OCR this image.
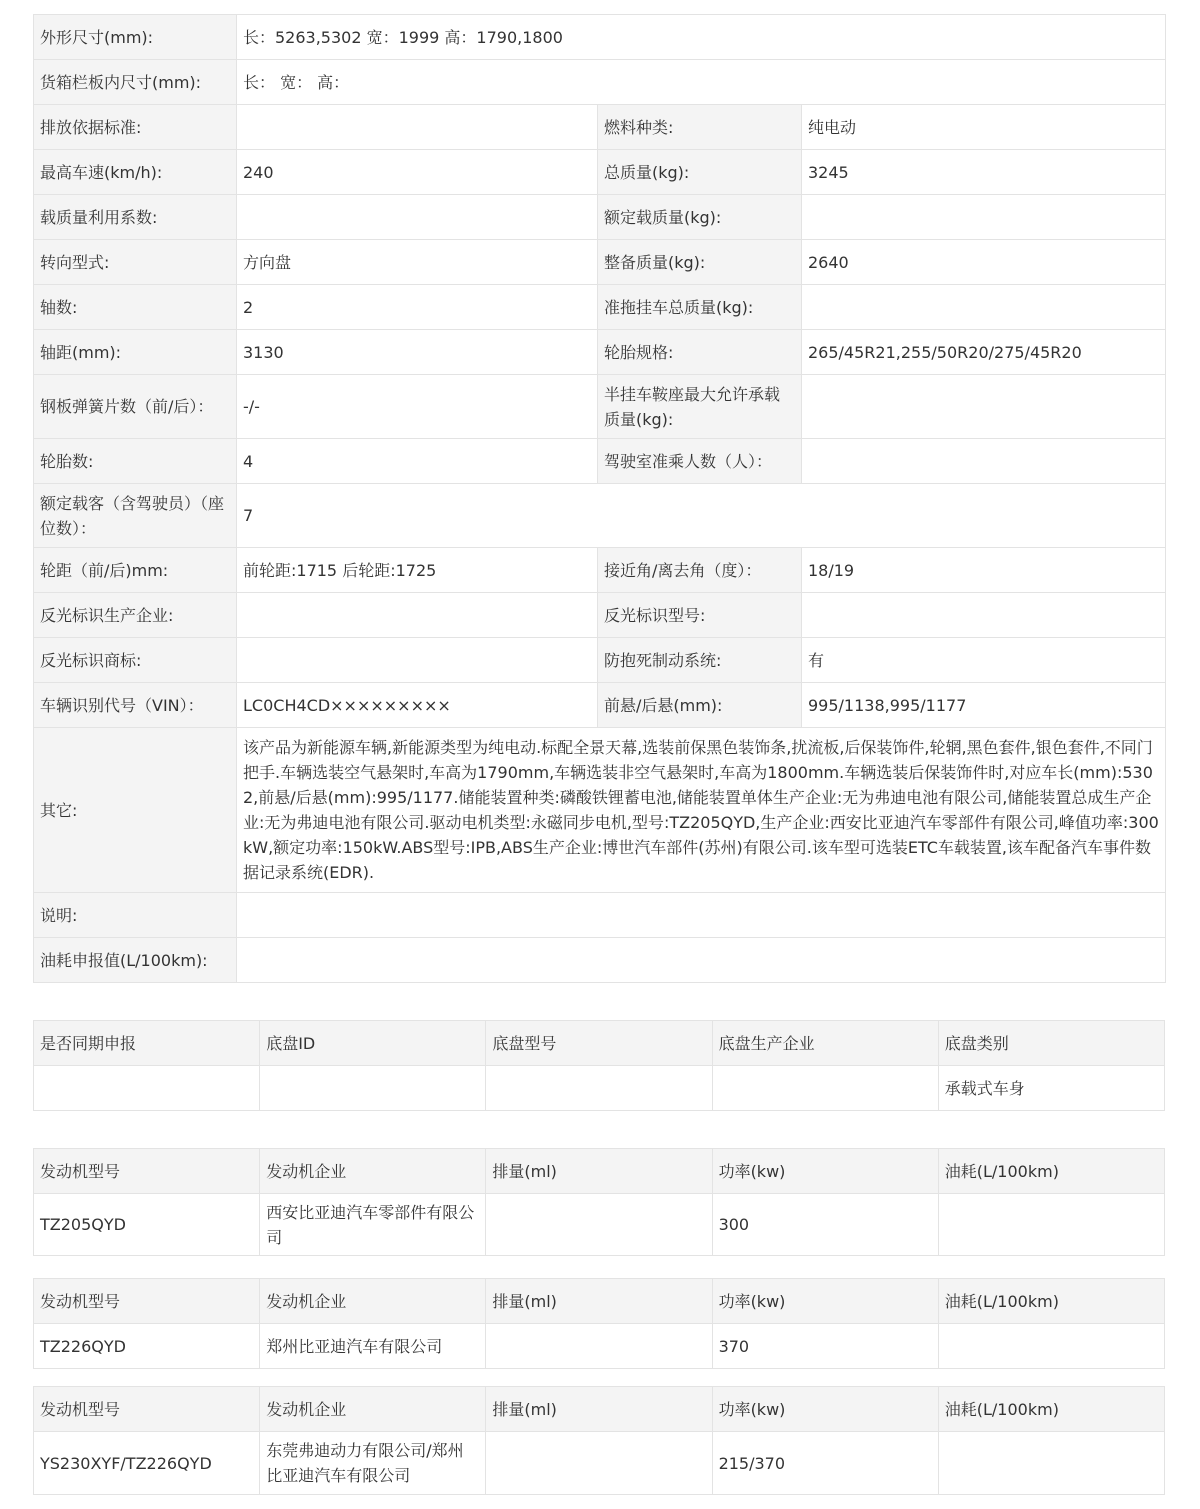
外形尺寸(mm):	长：5263,5302 宽：1999 高：1790,1800		
货箱栏板内尺寸(mm):	长： 宽： 高：		
排放依据标准:		燃料种类:	纯电动
最高车速(km/h):	240	总质量(kg):	3245
载质量利用系数:		额定载质量(kg):	
转向型式:	方向盘	整备质量(kg):	2640
轴数:	2	准拖挂车总质量(kg):	
轴距(mm):	3130	轮胎规格:	265/45R21,255/50R20/275/45R20
钢板弹簧片数（前/后）：	-/-	半挂车鞍座最大允许承载质量(kg):	
轮胎数:	4	驾驶室准乘人数（人）：	
额定载客（含驾驶员）（座位数）：	7		
轮距（前/后)mm:	前轮距:1715 后轮距:1725	接近角/离去角（度）：	18/19
反光标识生产企业:		反光标识型号:	
反光标识商标:		防抱死制动系统:	有
车辆识别代号（VIN）：	LC0CH4CD×××××××××	前悬/后悬(mm):	995/1138,995/1177
其它:	该产品为新能源车辆,新能源类型为纯电动.标配全景天幕,选装前保黑色装饰条,扰流板,后保装饰件,轮辋,黑色套件,银色套件,不同门把手.车辆选装空气悬架时,车高为1790mm,车辆选装非空气悬架时,车高为1800mm.车辆选装后保装饰件时,对应车长(mm):5302,前悬/后悬(mm):995/1177.储能装置种类:磷酸铁锂蓄电池,储能装置单体生产企业:无为弗迪电池有限公司,储能装置总成生产企业:无为弗迪电池有限公司.驱动电机类型:永磁同步电机,型号:TZ205QYD,生产企业:西安比亚迪汽车零部件有限公司,峰值功率:300kW,额定功率:150kW.ABS型号:IPB,ABS生产企业:博世汽车部件(苏州)有限公司.该车型可选装ETC车载装置,该车配备汽车事件数据记录系统(EDR).		
说明:			
油耗申报值(L/100km):			
是否同期申报	底盘ID	底盘型号	底盘生产企业	底盘类别
				承载式车身
发动机型号	发动机企业	排量(ml)	功率(kw)	油耗(L/100km)
TZ205QYD	西安比亚迪汽车零部件有限公司		300	
发动机型号	发动机企业	排量(ml)	功率(kw)	油耗(L/100km)
TZ226QYD	郑州比亚迪汽车有限公司		370	
发动机型号	发动机企业	排量(ml)	功率(kw)	油耗(L/100km)
YS230XYF/TZ226QYD	东莞弗迪动力有限公司/郑州比亚迪汽车有限公司		215/370	
